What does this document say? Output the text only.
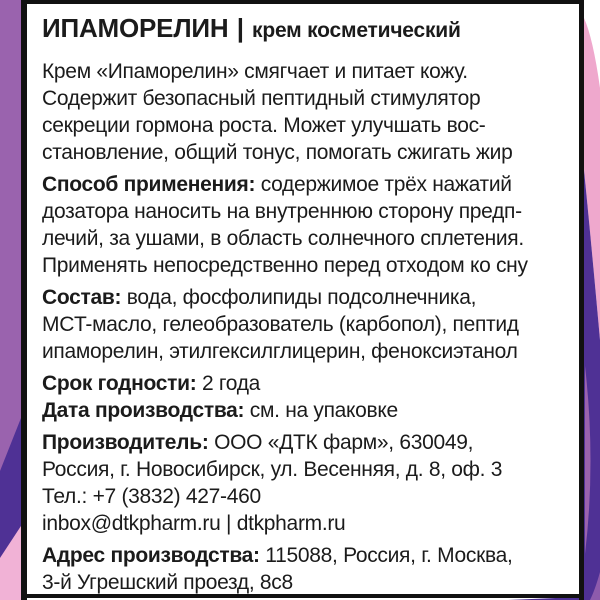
ИПАМОРЕЛИН | крем косметический
Крем «Ипаморелин» смягчает и питает кожу.
Содержит безопасный пептидный стимулятор
секреции гормона роста. Может улучшать вос-
становление, общий тонус, помогать сжигать жир
Способ применения: содержимое трёх нажатий
дозатора наносить на внутреннюю сторону предп-
лечий, за ушами, в область солнечного сплетения.
Применять непосредственно перед отходом ко сну
Состав: вода, фосфолипиды подсолнечника,
MCT-масло, гелеобразователь (карбопол), пептид
ипаморелин, этилгексилглицерин, феноксиэтанол
Срок годности: 2 года
Дата производства: см. на упаковке
Производитель: ООО «ДТК фарм», 630049,
Россия, г. Новосибирск, ул. Весенняя, д. 8, оф. 3
Тел.: +7 (3832) 427-460
inbox@dtkpharm.ru | dtkpharm.ru
Адрес производства: 115088, Россия, г. Москва,
3-й Угрешский проезд, 8с8
